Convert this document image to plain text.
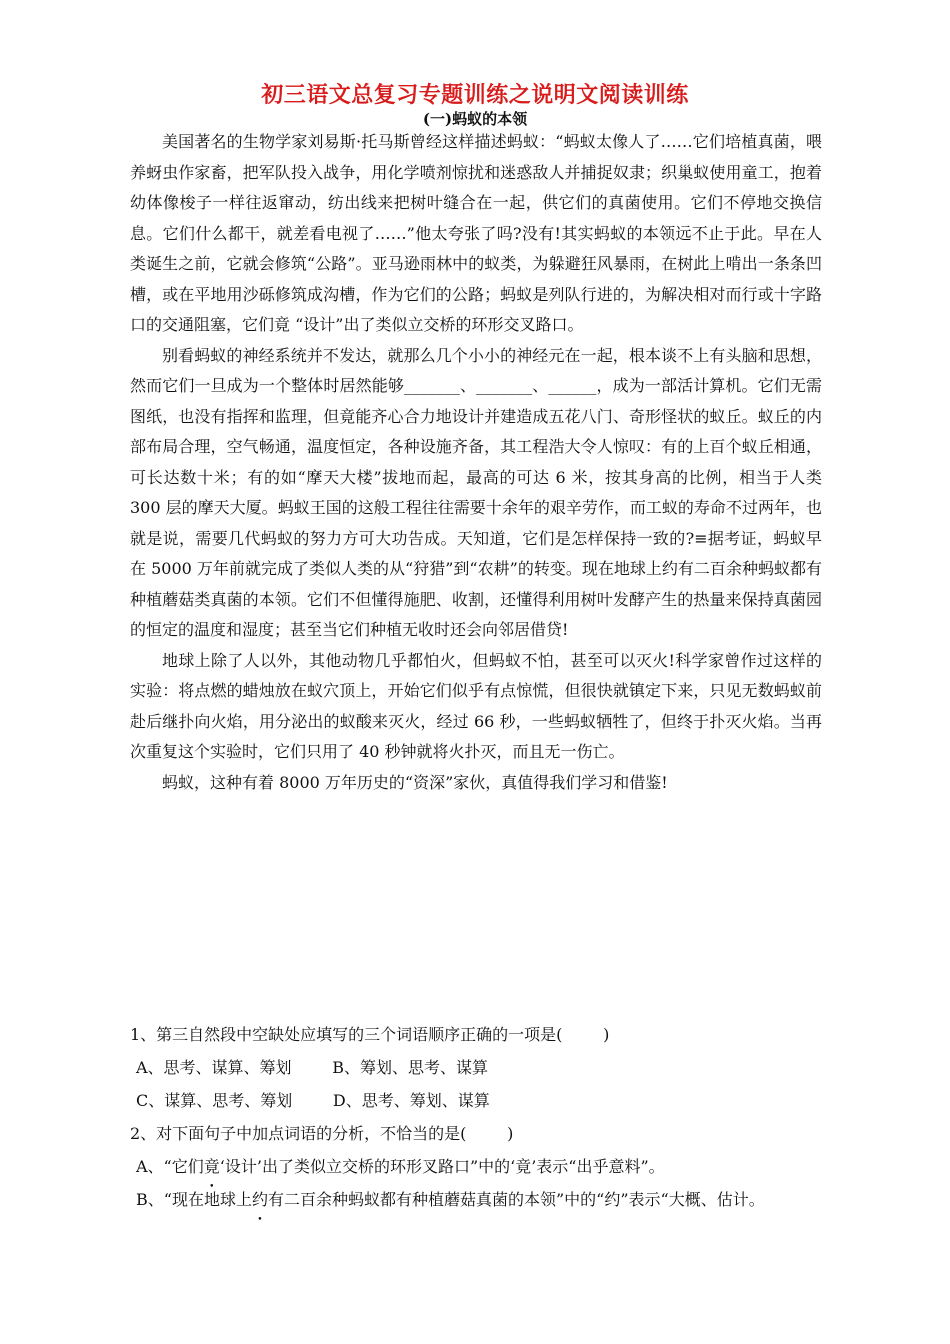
初三语文总复习专题训练之说明文阅读训练
(一)蚂蚁的本领

美国著名的生物学家刘易斯·托马斯曾经这样描述蚂蚁：“蚂蚁太像人了……它们培植真菌，喂养蚜虫作家畜，把军队投入战争，用化学喷剂惊扰和迷惑敌人并捕捉奴隶；织巢蚁使用童工，抱着幼体像梭子一样往返窜动，纺出线来把树叶缝合在一起，供它们的真菌使用。它们不停地交换信息。它们什么都干，就差看电视了……”他太夸张了吗?没有!其实蚂蚁的本领远不止于此。早在人类诞生之前，它就会修筑“公路”。亚马逊雨林中的蚁类，为躲避狂风暴雨，在树此上啃出一条条凹槽，或在平地用沙砾修筑成沟槽，作为它们的公路；蚂蚁是列队行进的，为解决相对而行或十字路口的交通阻塞，它们竟 “设计”出了类似立交桥的环形交叉路口。

别看蚂蚁的神经系统并不发达，就那么几个小小的神经元在一起，根本谈不上有头脑和思想，然而它们一旦成为一个整体时居然能够_______、_______、______，成为一部活计算机。它们无需图纸，也没有指挥和监理，但竟能齐心合力地设计并建造成五花八门、奇形怪状的蚁丘。蚁丘的内部布局合理，空气畅通，温度恒定，各种设施齐备，其工程浩大令人惊叹：有的上百个蚁丘相通，可长达数十米；有的如“摩天大楼”拔地而起，最高的可达 6 米，按其身高的比例，相当于人类 300 层的摩天大厦。蚂蚁王国的这般工程往往需要十余年的艰辛劳作，而工蚁的寿命不过两年，也就是说，需要几代蚂蚁的努力方可大功告成。天知道，它们是怎样保持一致的?≡据考证，蚂蚁早在 5000 万年前就完成了类似人类的从“狩猎”到“农耕”的转变。现在地球上约有二百余种蚂蚁都有种植蘑菇类真菌的本领。它们不但懂得施肥、收割，还懂得利用树叶发酵产生的热量来保持真菌园的恒定的温度和湿度；甚至当它们种植无收时还会向邻居借贷!

地球上除了人以外，其他动物几乎都怕火，但蚂蚁不怕，甚至可以灭火!科学家曾作过这样的实验：将点燃的蜡烛放在蚁穴顶上，开始它们似乎有点惊慌，但很快就镇定下来，只见无数蚂蚁前赴后继扑向火焰，用分泌出的蚁酸来灭火，经过 66 秒，一些蚂蚁牺牲了，但终于扑灭火焰。当再次重复这个实验时，它们只用了 40 秒钟就将火扑灭，而且无一伤亡。

蚂蚁，这种有着 8000 万年历史的“资深”家伙，真值得我们学习和借鉴!

1、第三自然段中空缺处应填写的三个词语顺序正确的一项是(        )
A、思考、谋算、筹划        B、筹划、思考、谋算
C、谋算、思考、筹划        D、思考、筹划、谋算
2、对下面句子中加点词语的分析，不恰当的是(        )
A、“它们竟‘设计’出了类似立交桥的环形叉路口”中的‘竟’表示“出乎意料”。
B、“现在地球上约有二百余种蚂蚁都有种植蘑菇真菌的本领”中的“约”表示“大概、估计。
